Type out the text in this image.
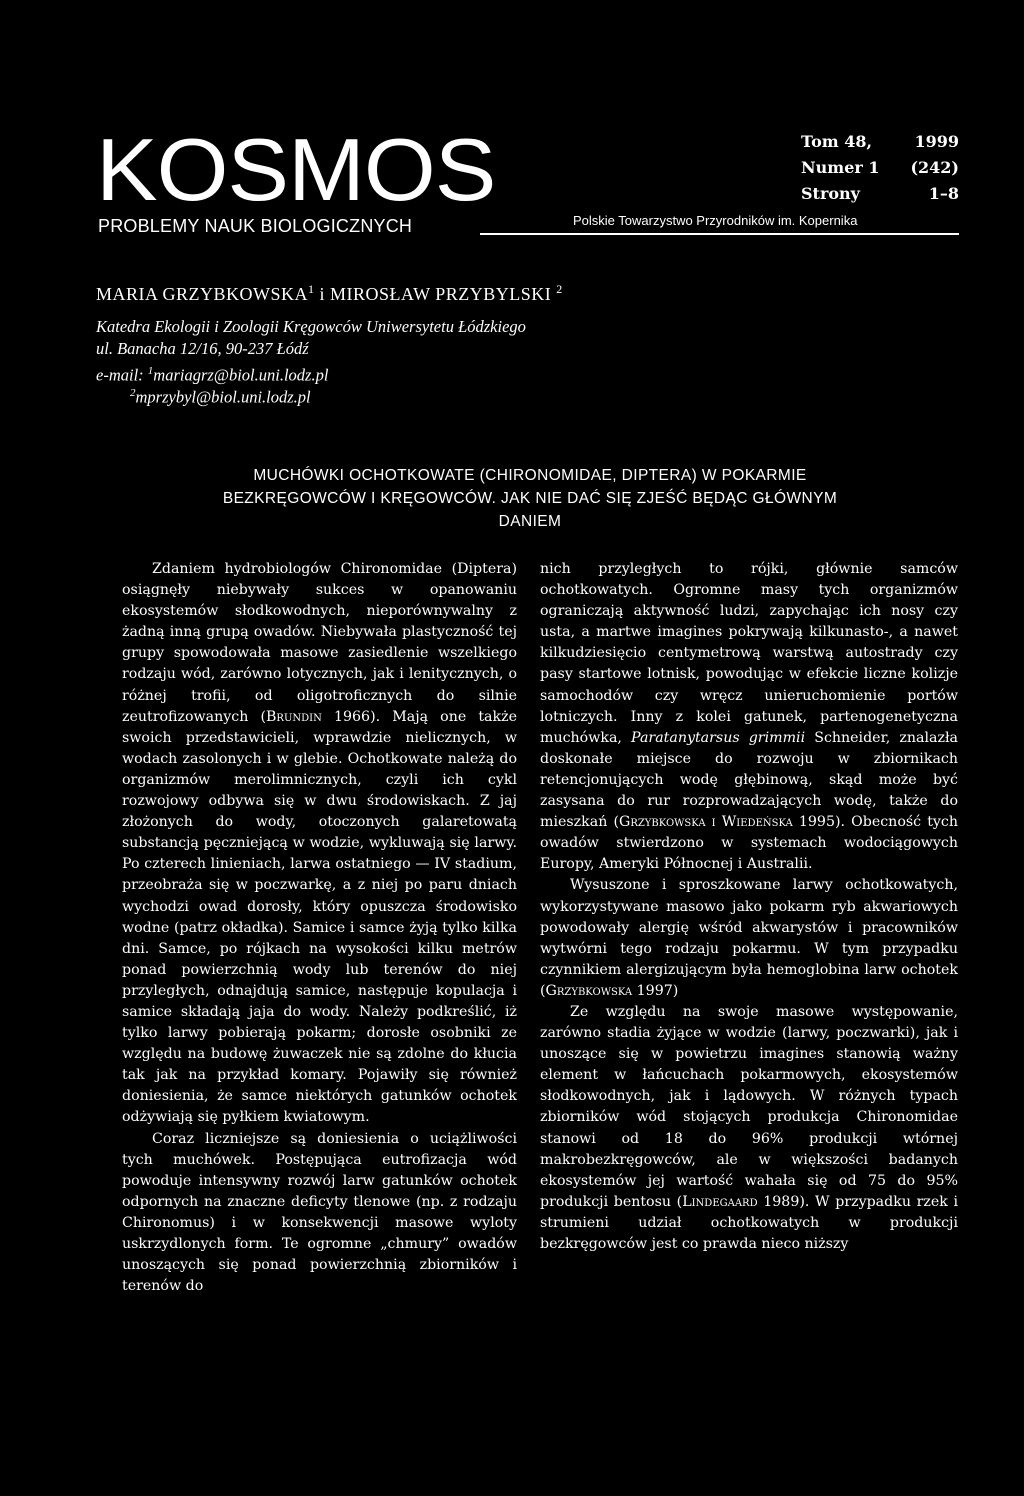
KOSMOS
PROBLEMY NAUK BIOLOGICZNYCH
Tom 48,	1999
Numer 1	(242)
Strony	1–8
Polskie Towarzystwo Przyrodników im. Kopernika
MARIA GRZYBKOWSKA$^1$ i MIROSŁAW PRZYBYLSKI $^2$
Katedra Ekologii i Zoologii Kręgowców Uniwersytetu Łódzkiego
ul. Banacha 12/16, 90-237 Łódź
e-mail: $^1$mariagrz@biol.uni.lodz.pl
$^2$mprzybyl@biol.uni.lodz.pl
MUCHÓWKI OCHOTKOWATE (CHIRONOMIDAE, DIPTERA) W POKARMIE
BEZKRĘGOWCÓW I KRĘGOWCÓW. JAK NIE DAĆ SIĘ ZJEŚĆ BĘDĄC GŁÓWNYM
DANIEM

Zdaniem hydrobiologów Chironomidae (Diptera) osiągnęły niebywały sukces w opanowaniu ekosystemów słodkowodnych, nieporównywalny z żadną inną grupą owadów. Niebywała plastyczność tej grupy spowodowała masowe zasiedlenie wszelkiego rodzaju wód, zarówno lotycznych, jak i lenitycznych, o różnej trofii, od oligotroficznych do silnie zeutrofizowanych (Brundin 1966). Mają one także swoich przedstawicieli, wprawdzie nielicznych, w wodach zasolonych i w glebie. Ochotkowate należą do organizmów merolimnicznych, czyli ich cykl rozwojowy odbywa się w dwu środowiskach. Z jaj złożonych do wody, otoczonych galaretowatą substancją pęczniejącą w wodzie, wykluwają się larwy. Po czterech linieniach, larwa ostatniego — IV stadium, przeobraża się w poczwarkę, a z niej po paru dniach wychodzi owad dorosły, który opuszcza środowisko wodne (patrz okładka). Samice i samce żyją tylko kilka dni. Samce, po rójkach na wysokości kilku metrów ponad powierzchnią wody lub terenów do niej przyległych, odnajdują samice, następuje kopulacja i samice składają jaja do wody. Należy podkreślić, iż tylko larwy pobierają pokarm; dorosłe osobniki ze względu na budowę żuwaczek nie są zdolne do kłucia tak jak na przykład komary. Pojawiły się również doniesienia, że samce niektórych gatunków ochotek odżywiają się pyłkiem kwiatowym.

Coraz liczniejsze są doniesienia o uciążliwości tych muchówek. Postępująca eutrofizacja wód powoduje intensywny rozwój larw gatunków ochotek odpornych na znaczne deficyty tlenowe (np. z rodzaju Chironomus) i w konsekwencji masowe wyloty uskrzydlonych form. Te ogromne „chmury” owadów unoszących się ponad powierzchnią zbiorników i terenów do

nich przyległych to rójki, głównie samców ochotkowatych. Ogromne masy tych organizmów ograniczają aktywność ludzi, zapychając ich nosy czy usta, a martwe imagines pokrywają kilkunasto-, a nawet kilkudziesięcio centymetrową warstwą autostrady czy pasy startowe lotnisk, powodując w efekcie liczne kolizje samochodów czy wręcz unieruchomienie portów lotniczych. Inny z kolei gatunek, partenogenetyczna muchówka, Paratanytarsus grimmii Schneider, znalazła doskonałe miejsce do rozwoju w zbiornikach retencjonujących wodę głębinową, skąd może być zasysana do rur rozprowadzających wodę, także do mieszkań (Grzybkowska i Wiedeńska 1995). Obecność tych owadów stwierdzono w systemach wodociągowych Europy, Ameryki Północnej i Australii.

Wysuszone i sproszkowane larwy ochotkowatych, wykorzystywane masowo jako pokarm ryb akwariowych powodowały alergię wśród akwarystów i pracowników wytwórni tego rodzaju pokarmu. W tym przypadku czynnikiem alergizującym była hemoglobina larw ochotek (Grzybkowska 1997)

Ze względu na swoje masowe występowanie, zarówno stadia żyjące w wodzie (larwy, poczwarki), jak i unoszące się w powietrzu imagines stanowią ważny element w łańcuchach pokarmowych, ekosystemów słodkowodnych, jak i lądowych. W różnych typach zbiorników wód stojących produkcja Chironomidae stanowi od 18 do 96% produkcji wtórnej makrobezkręgowców, ale w większości badanych ekosystemów jej wartość wahała się od 75 do 95% produkcji bentosu (Lindegaard 1989). W przypadku rzek i strumieni udział ochotkowatych w produkcji bezkręgowców jest co prawda nieco niższy
